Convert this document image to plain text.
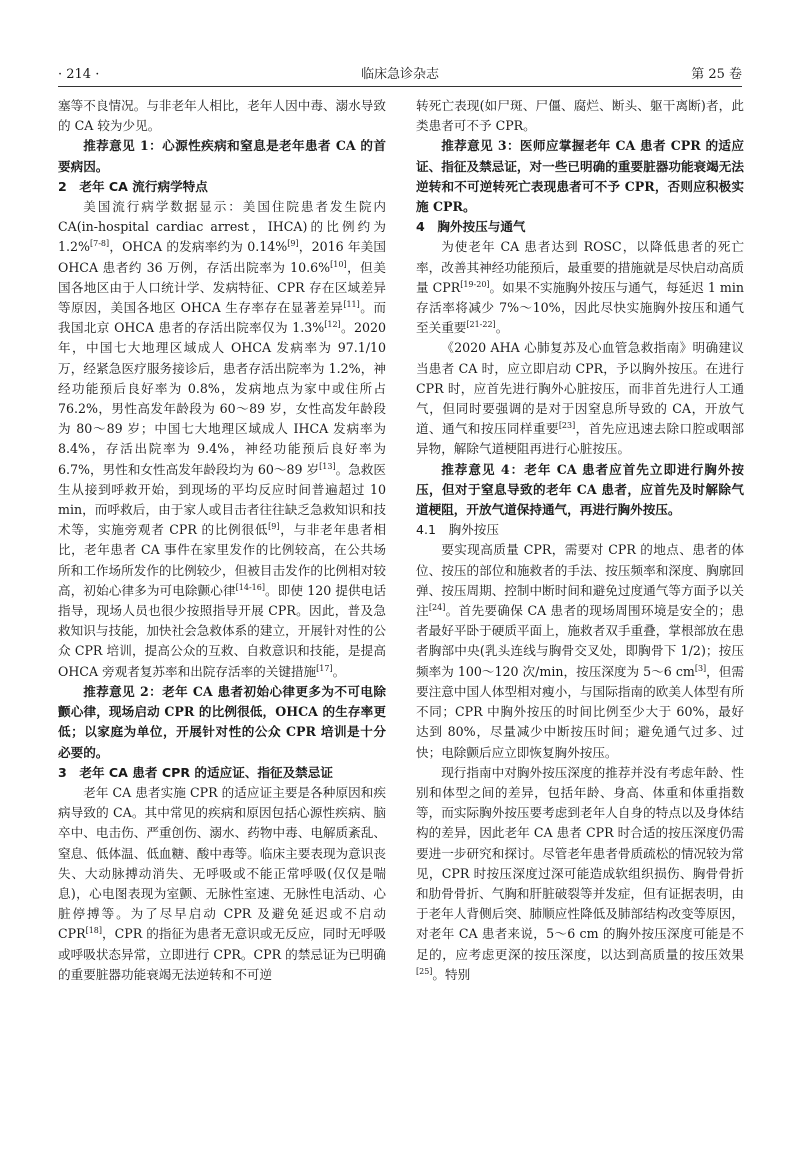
· 214 ·	临床急诊杂志	第 25 卷

塞等不良情况。与非老年人相比，老年人因中毒、溺水导致的 CA 较为少见。

推荐意见 1：心源性疾病和窒息是老年患者 CA 的首要病因。

2　老年 CA 流行病学特点

美国流行病学数据显示：美国住院患者发生院内 CA(in-hospital cardiac arrest，IHCA)的比例约为 1.2%[7-8]，OHCA 的发病率约为 0.14%[9]，2016 年美国 OHCA 患者约 36 万例，存活出院率为 10.6%[10]，但美国各地区由于人口统计学、发病特征、CPR 存在区域差异等原因，美国各地区 OHCA 生存率存在显著差异[11]。而我国北京 OHCA 患者的存活出院率仅为 1.3%[12]。2020 年，中国七大地理区域成人 OHCA 发病率为 97.1/10 万，经紧急医疗服务接诊后，患者存活出院率为 1.2%，神经功能预后良好率为 0.8%，发病地点为家中或住所占 76.2%，男性高发年龄段为 60～89 岁，女性高发年龄段为 80～89 岁；中国七大地理区域成人 IHCA 发病率为 8.4%，存活出院率为 9.4%，神经功能预后良好率为 6.7%，男性和女性高发年龄段均为 60～89 岁[13]。急救医生从接到呼救开始，到现场的平均反应时间普遍超过 10 min，而呼救后，由于家人或目击者往往缺乏急救知识和技术等，实施旁观者 CPR 的比例很低[9]，与非老年患者相比，老年患者 CA 事件在家里发作的比例较高，在公共场所和工作场所发作的比例较少，但被目击发作的比例相对较高，初始心律多为可电除颤心律[14-16]。即使 120 提供电话指导，现场人员也很少按照指导开展 CPR。因此，普及急救知识与技能，加快社会急救体系的建立，开展针对性的公众 CPR 培训，提高公众的互救、自救意识和技能，是提高 OHCA 旁观者复苏率和出院存活率的关键措施[17]。

推荐意见 2：老年 CA 患者初始心律更多为不可电除颤心律，现场启动 CPR 的比例很低，OHCA 的生存率更低；以家庭为单位，开展针对性的公众 CPR 培训是十分必要的。

3　老年 CA 患者 CPR 的适应证、指征及禁忌证

老年 CA 患者实施 CPR 的适应证主要是各种原因和疾病导致的 CA。其中常见的疾病和原因包括心源性疾病、脑卒中、电击伤、严重创伤、溺水、药物中毒、电解质紊乱、窒息、低体温、低血糖、酸中毒等。临床主要表现为意识丧失、大动脉搏动消失、无呼吸或不能正常呼吸(仅仅是喘息)，心电图表现为室颤、无脉性室速、无脉性电活动、心脏停搏等。为了尽早启动 CPR 及避免延迟或不启动 CPR[18]，CPR 的指征为患者无意识或无反应，同时无呼吸或呼吸状态异常，立即进行 CPR。CPR 的禁忌证为已明确的重要脏器功能衰竭无法逆转和不可逆

转死亡表现(如尸斑、尸僵、腐烂、断头、躯干离断)者，此类患者可不予 CPR。

推荐意见 3：医师应掌握老年 CA 患者 CPR 的适应证、指征及禁忌证，对一些已明确的重要脏器功能衰竭无法逆转和不可逆转死亡表现患者可不予 CPR，否则应积极实施 CPR。

4　胸外按压与通气

为使老年 CA 患者达到 ROSC，以降低患者的死亡率，改善其神经功能预后，最重要的措施就是尽快启动高质量 CPR[19-20]。如果不实施胸外按压与通气，每延迟 1 min 存活率将减少 7%～10%，因此尽快实施胸外按压和通气至关重要[21-22]。

《2020 AHA 心肺复苏及心血管急救指南》明确建议当患者 CA 时，应立即启动 CPR，予以胸外按压。在进行 CPR 时，应首先进行胸外心脏按压，而非首先进行人工通气，但同时要强调的是对于因窒息所导致的 CA，开放气道、通气和按压同样重要[23]，首先应迅速去除口腔或咽部异物，解除气道梗阻再进行心脏按压。

推荐意见 4：老年 CA 患者应首先立即进行胸外按压，但对于窒息导致的老年 CA 患者，应首先及时解除气道梗阻，开放气道保持通气，再进行胸外按压。

4.1　胸外按压

要实现高质量 CPR，需要对 CPR 的地点、患者的体位、按压的部位和施救者的手法、按压频率和深度、胸廓回弹、按压周期、控制中断时间和避免过度通气等方面予以关注[24]。首先要确保 CA 患者的现场周围环境是安全的；患者最好平卧于硬质平面上，施救者双手重叠，掌根部放在患者胸部中央(乳头连线与胸骨交叉处，即胸骨下 1/2)；按压频率为 100～120 次/min，按压深度为 5～6 cm[3]，但需要注意中国人体型相对瘦小，与国际指南的欧美人体型有所不同；CPR 中胸外按压的时间比例至少大于 60%，最好达到 80%，尽量减少中断按压时间；避免通气过多、过快；电除颤后应立即恢复胸外按压。

现行指南中对胸外按压深度的推荐并没有考虑年龄、性别和体型之间的差异，包括年龄、身高、体重和体重指数等，而实际胸外按压要考虑到老年人自身的特点以及身体结构的差异，因此老年 CA 患者 CPR 时合适的按压深度仍需要进一步研究和探讨。尽管老年患者骨质疏松的情况较为常见，CPR 时按压深度过深可能造成软组织损伤、胸骨骨折和肋骨骨折、气胸和肝脏破裂等并发症，但有证据表明，由于老年人背侧后突、肺顺应性降低及肺部结构改变等原因，对老年 CA 患者来说，5～6 cm 的胸外按压深度可能是不足的，应考虑更深的按压深度，以达到高质量的按压效果[25]。特别
